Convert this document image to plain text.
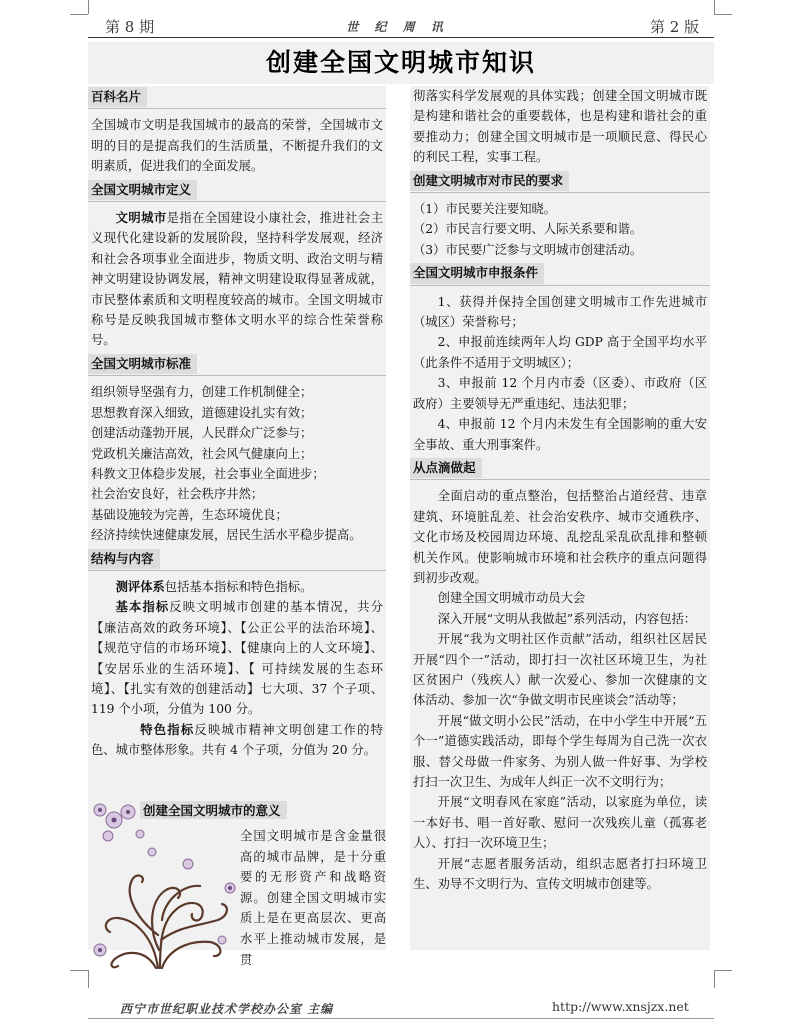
第 8 期	世 纪 周 讯	第 2 版
创建全国文明城市知识
百科名片

全国城市文明是我国城市的最高的荣誉，全国城市文明的目的是提高我们的生活质量，不断提升我们的文明素质，促进我们的全面发展。

全国文明城市定义

文明城市是指在全国建设小康社会，推进社会主义现代化建设新的发展阶段，坚持科学发展观，经济和社会各项事业全面进步，物质文明、政治文明与精神文明建设协调发展，精神文明建设取得显著成就，市民整体素质和文明程度较高的城市。全国文明城市称号是反映我国城市整体文明水平的综合性荣誉称号。

全国文明城市标准

组织领导坚强有力，创建工作机制健全；

思想教育深入细致，道德建设扎实有效；

创建活动蓬勃开展，人民群众广泛参与；

党政机关廉洁高效，社会风气健康向上；

科教文卫体稳步发展，社会事业全面进步；

社会治安良好，社会秩序井然；

基础设施较为完善，生态环境优良；

经济持续快速健康发展，居民生活水平稳步提高。

结构与内容

测评体系包括基本指标和特色指标。

基本指标反映文明城市创建的基本情况，共分【廉洁高效的政务环境】、【公正公平的法治环境】、【规范守信的市场环境】、【健康向上的人文环境】、【安居乐业的生活环境】、【 可持续发展的生态环境】、【扎实有效的创建活动】七大项、37 个子项、119 个小项，分值为 100 分。

特色指标反映城市精神文明创建工作的特色、城市整体形象。共有 4 个子项，分值为 20 分。

创建全国文明城市的意义
全国文明城市是含金量很高的城市品牌，是十分重要的无形资产和战略资源。创建全国文明城市实质上是在更高层次、更高水平上推动城市发展，是贯

彻落实科学发展观的具体实践；创建全国文明城市既是构建和谐社会的重要载体，也是构建和谐社会的重要推动力；创建全国文明城市是一项顺民意、得民心的利民工程，实事工程。

创建文明城市对市民的要求

（1）市民要关注要知晓。

（2）市民言行要文明、人际关系要和谐。

（3）市民要广泛参与文明城市创建活动。

全国文明城市申报条件

1、获得并保持全国创建文明城市工作先进城市（城区）荣誉称号；

2、申报前连续两年人均 GDP 高于全国平均水平（此条件不适用于文明城区）；

3、申报前 12 个月内市委（区委）、市政府（区政府）主要领导无严重违纪、违法犯罪；

4、申报前 12 个月内未发生有全国影响的重大安全事故、重大刑事案件。

从点滴做起

全面启动的重点整治，包括整治占道经营、违章建筑、环境脏乱差、社会治安秩序、城市交通秩序、文化市场及校园周边环境、乱挖乱采乱砍乱排和整顿机关作风。使影响城市环境和社会秩序的重点问题得到初步改观。

创建全国文明城市动员大会

深入开展“文明从我做起”系列活动，内容包括：

开展“我为文明社区作贡献”活动，组织社区居民开展“四个一”活动，即打扫一次社区环境卫生，为社区贫困户（残疾人）献一次爱心、参加一次健康的文体活动、参加一次“争做文明市民座谈会”活动等；

开展“做文明小公民”活动，在中小学生中开展“五个一”道德实践活动，即每个学生每周为自己洗一次衣服、替父母做一件家务、为别人做一件好事、为学校打扫一次卫生、为成年人纠正一次不文明行为；

开展“文明春风在家庭”活动，以家庭为单位，读一本好书、唱一首好歌、慰问一次残疾儿童（孤寡老人）、打扫一次环境卫生；

开展“志愿者服务活动，组织志愿者打扫环境卫生、劝导不文明行为、宣传文明城市创建等。

西宁市世纪职业技术学校办公室 主编	http://www.xnsjzx.net
